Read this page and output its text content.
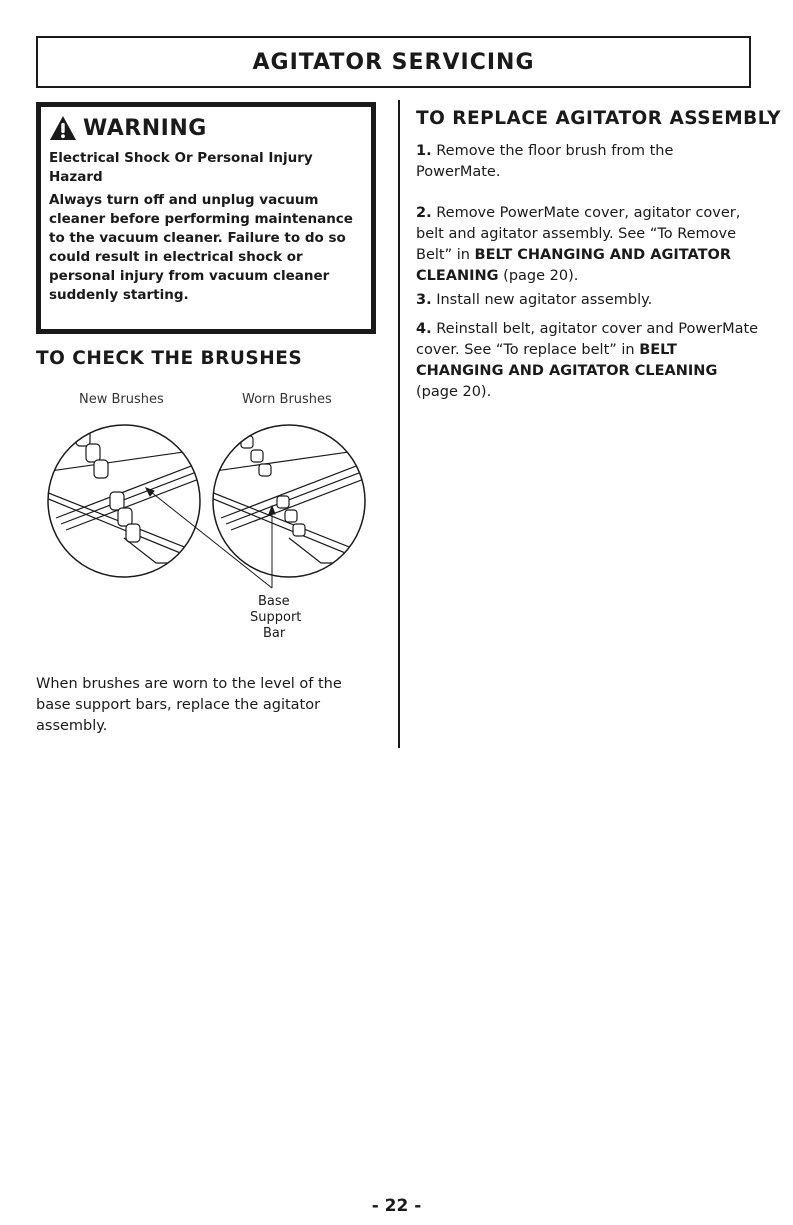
AGITATOR SERVICING
WARNING
Electrical Shock Or Personal Injury Hazard
Always turn off and unplug vacuum cleaner before performing maintenance to the vacuum cleaner. Failure to do so could result in electrical shock or personal injury from vacuum cleaner suddenly starting.
TO CHECK THE BRUSHES
New Brushes	Worn Brushes
Base
Support
Bar
When brushes are worn to the level of the base support bars, replace the agitator assembly.
TO REPLACE AGITATOR ASSEMBLY
1. Remove the floor brush from the PowerMate.
2. Remove PowerMate cover, agitator cover, belt and agitator assembly. See “To Remove Belt” in BELT CHANGING AND AGITATOR CLEANING (page 20).
3. Install new agitator assembly.
4. Reinstall belt, agitator cover and PowerMate cover. See “To replace belt” in BELT CHANGING AND AGITATOR CLEANING (page 20).
- 22 -
